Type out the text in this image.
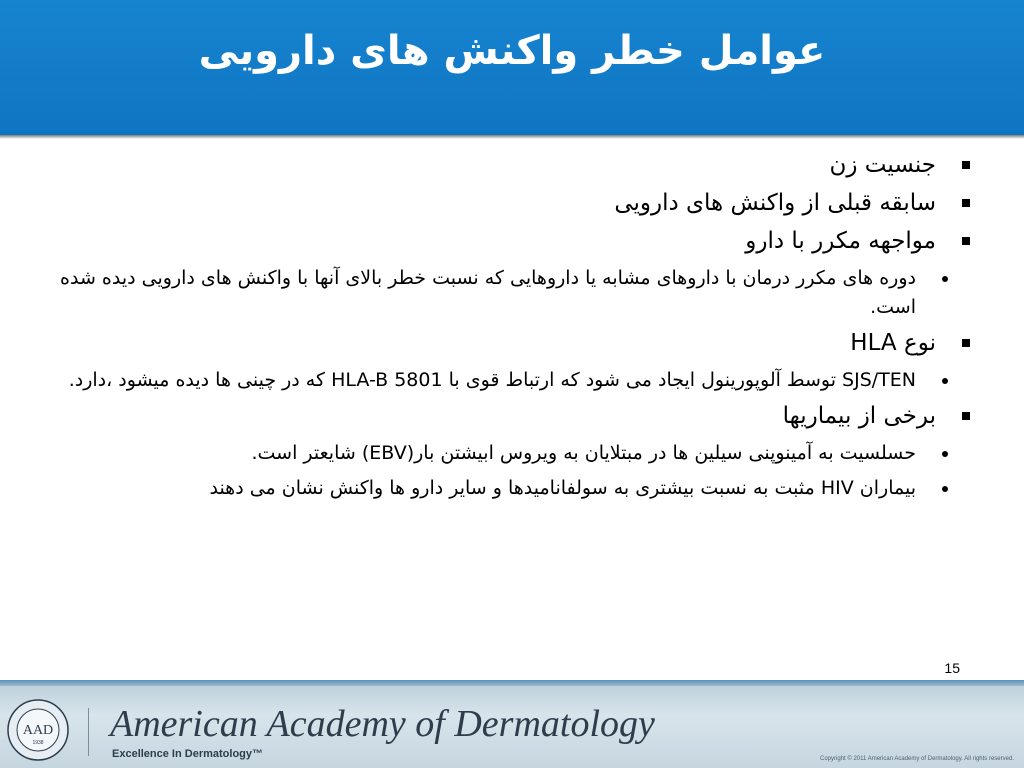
عوامل خطر واکنش های دارویی
جنسیت زن
سابقه قبلی از واکنش های دارویی
مواجهه مکرر با دارو
دوره های مکرر درمان با داروهای مشابه یا داروهایی که نسبت خطر بالای آنها با واکنش های دارویی دیده شده است.
نوع HLA
SJS/TEN توسط آلوپورینول ایجاد می شود که ارتباط قوی با HLA-B 5801 که در چینی ها دیده میشود ،دارد.
برخی از بیماریها
حسلسیت به آمینوپنی سیلین ها در مبتلایان به ویروس ابیشتن بار(EBV) شایعتر است.
بیماران HIV مثبت به نسبت بیشتری به سولفانامیدها و سایر دارو ها واکنش نشان می دهند
15
AAD
1938 American Academy of Dermatology
Excellence In Dermatology™	Copyright © 2011 American Academy of Dermatology. All rights reserved.
